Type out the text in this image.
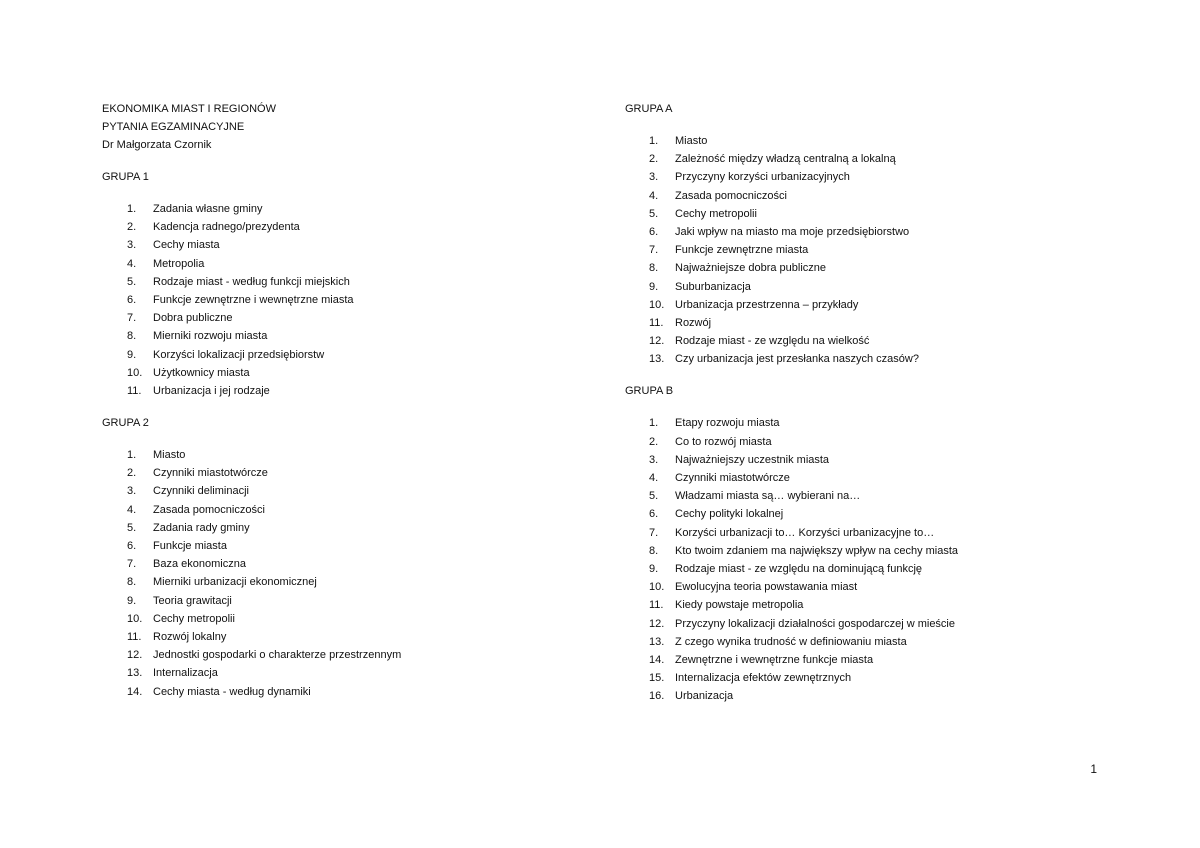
EKONOMIKA MIAST I REGIONÓW
PYTANIA EGZAMINACYJNE
Dr Małgorzata Czornik
GRUPA 1
1.	Zadania własne gminy
2.	Kadencja radnego/prezydenta
3.	Cechy miasta
4.	Metropolia
5.	Rodzaje miast - według funkcji miejskich
6.	Funkcje zewnętrzne i wewnętrzne miasta
7.	Dobra publiczne
8.	Mierniki rozwoju miasta
9.	Korzyści lokalizacji przedsiębiorstw
10. Użytkownicy miasta
11.	Urbanizacja i jej rodzaje
GRUPA 2
1.	Miasto
2.	Czynniki miastotwórcze
3.	Czynniki deliminacji
4.	Zasada pomocniczości
5.	Zadania rady gminy
6.	Funkcje miasta
7.	Baza ekonomiczna
8.	Mierniki urbanizacji ekonomicznej
9.	Teoria grawitacji
10. Cechy metropolii
11.	Rozwój lokalny
12. Jednostki gospodarki o charakterze przestrzennym
13. Internalizacja
14. Cechy miasta - według dynamiki
GRUPA A
1.	Miasto
2.	Zależność między władzą centralną a lokalną
3.	Przyczyny korzyści urbanizacyjnych
4.	Zasada pomocniczości
5.	Cechy metropolii
6.	Jaki wpływ na miasto ma moje przedsiębiorstwo
7.	Funkcje zewnętrzne miasta
8.	Najważniejsze dobra publiczne
9.	Suburbanizacja
10. Urbanizacja przestrzenna – przykłady
11.	Rozwój
12. Rodzaje miast - ze względu na wielkość
13. Czy urbanizacja jest przesłanka naszych czasów?
GRUPA B
1.	Etapy rozwoju miasta
2.	Co to rozwój miasta
3.	Najważniejszy uczestnik miasta
4.	Czynniki miastotwórcze
5.	Władzami miasta są… wybierani na…
6.	Cechy polityki lokalnej
7.	Korzyści urbanizacji to… Korzyści urbanizacyjne to…
8.	Kto twoim zdaniem ma największy wpływ na cechy miasta
9.	Rodzaje miast - ze względu na dominującą funkcję
10. Ewolucyjna teoria powstawania miast
11.	Kiedy powstaje metropolia
12. Przyczyny lokalizacji działalności gospodarczej w mieście
13. Z czego wynika trudność w definiowaniu miasta
14. Zewnętrzne i wewnętrzne funkcje miasta
15. Internalizacja efektów zewnętrznych
16. Urbanizacja
1
